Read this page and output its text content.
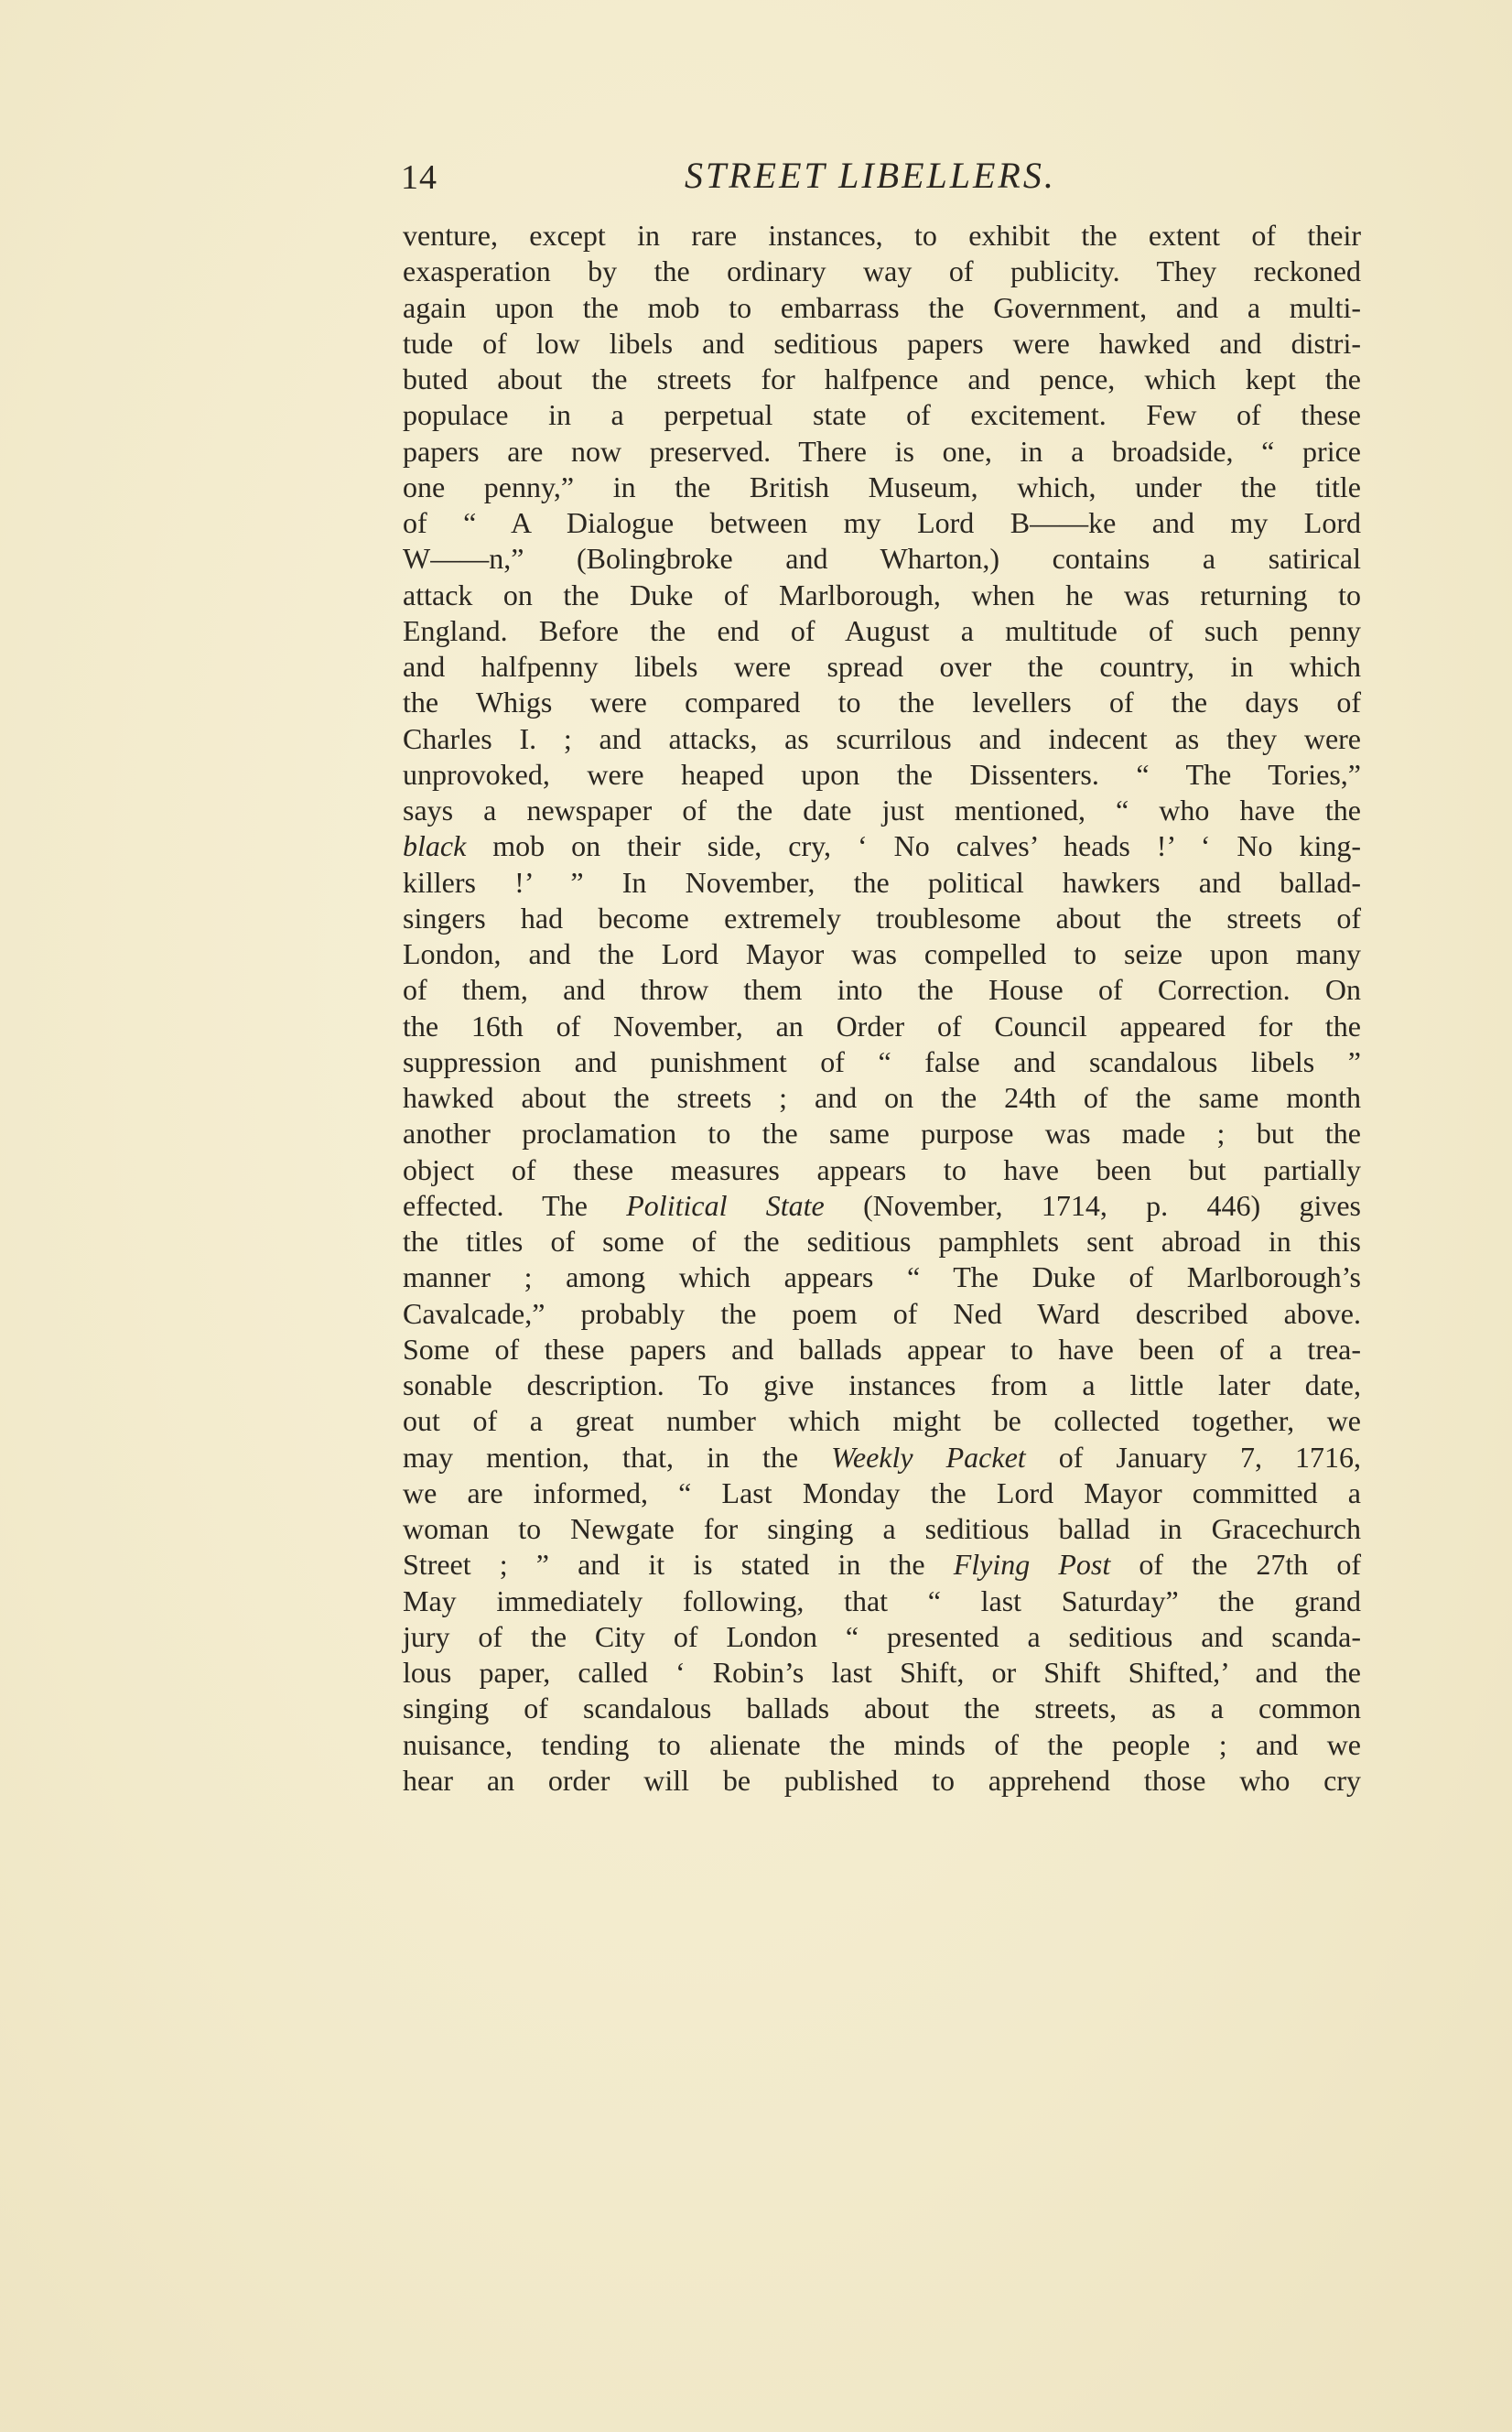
14	STREET LIBELLERS.
venture, except in rare instances, to exhibit the extent of their
exasperation by the ordinary way of publicity. They reckoned
again upon the mob to embarrass the Government, and a multi-
tude of low libels and seditious papers were hawked and distri-
buted about the streets for halfpence and pence, which kept the
populace in a perpetual state of excitement. Few of these
papers are now preserved. There is one, in a broadside, “ price
one penny,” in the British Museum, which, under the title
of “ A Dialogue between my Lord B——ke and my Lord
W——n,” (Bolingbroke and Wharton,) contains a satirical
attack on the Duke of Marlborough, when he was returning to
England. Before the end of August a multitude of such penny
and halfpenny libels were spread over the country, in which
the Whigs were compared to the levellers of the days of
Charles I. ; and attacks, as scurrilous and indecent as they were
unprovoked, were heaped upon the Dissenters. “ The Tories,”
says a newspaper of the date just mentioned, “ who have the
black mob on their side, cry, ‘ No calves’ heads !’ ‘ No king-
killers !’ ” In November, the political hawkers and ballad-
singers had become extremely troublesome about the streets of
London, and the Lord Mayor was compelled to seize upon many
of them, and throw them into the House of Correction. On
the 16th of November, an Order of Council appeared for the
suppression and punishment of “ false and scandalous libels ”
hawked about the streets ; and on the 24th of the same month
another proclamation to the same purpose was made ; but the
object of these measures appears to have been but partially
effected. The Political State (November, 1714, p. 446) gives
the titles of some of the seditious pamphlets sent abroad in this
manner ; among which appears “ The Duke of Marlborough’s
Cavalcade,” probably the poem of Ned Ward described above.
Some of these papers and ballads appear to have been of a trea-
sonable description. To give instances from a little later date,
out of a great number which might be collected together, we
may mention, that, in the Weekly Packet of January 7, 1716,
we are informed, “ Last Monday the Lord Mayor committed a
woman to Newgate for singing a seditious ballad in Gracechurch
Street ; ” and it is stated in the Flying Post of the 27th of
May immediately following, that “ last Saturday” the grand
jury of the City of London “ presented a seditious and scanda-
lous paper, called ‘ Robin’s last Shift, or Shift Shifted,’ and the
singing of scandalous ballads about the streets, as a common
nuisance, tending to alienate the minds of the people ; and we
hear an order will be published to apprehend those who cry
